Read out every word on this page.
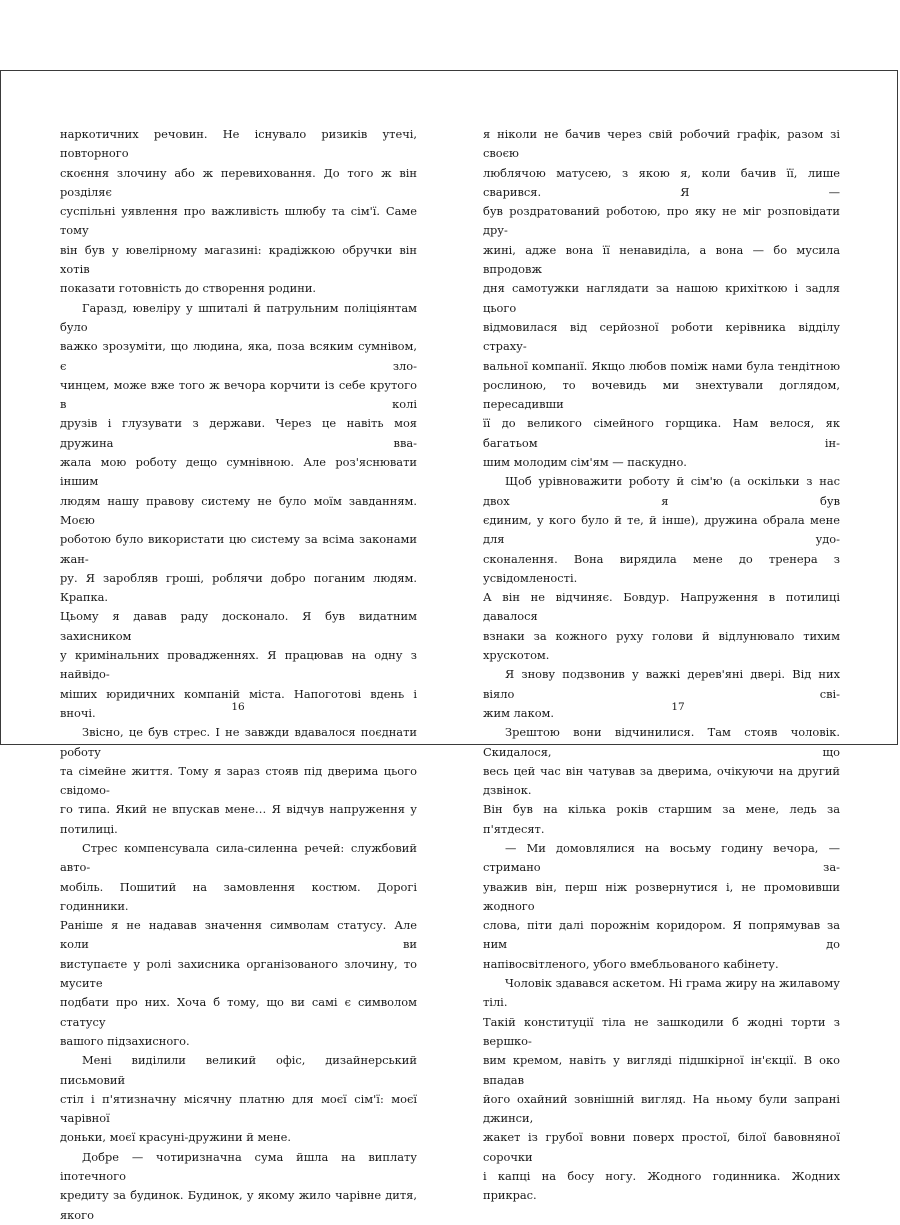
наркотичних речовин. Не існувало ризиків утечі, повторного

скоєння злочину або ж перевиховання. До того ж він розділяє

суспільні уявлення про важливість шлюбу та сім'ї. Саме тому

він був у ювелірному магазині: крадіжкою обручки він хотів

показати готовність до створення родини.

Гаразд, ювеліру у шпиталі й патрульним поліціянтам було

важко зрозуміти, що людина, яка, поза всяким сумнівом, є зло-

чинцем, може вже того ж вечора корчити із себе крутого в колі

друзів і глузувати з держави. Через це навіть моя дружина вва-

жала мою роботу дещо сумнівною. Але роз'яснювати іншим

людям нашу правову систему не було моїм завданням. Моєю

роботою було використати цю систему за всіма законами жан-

ру. Я заробляв гроші, роблячи добро поганим людям. Крапка.

Цьому я давав раду досконало. Я був видатним захисником

у кримінальних провадженнях. Я працював на одну з найвідо-

міших юридичних компаній міста. Напоготові вдень і вночі.

Звісно, це був стрес. І не завжди вдавалося поєднати роботу

та сімейне життя. Тому я зараз стояв під дверима цього свідомо-

го типа. Який не впускав мене… Я відчув напруження у потилиці.

Стрес компенсувала сила-силенна речей: службовий авто-

мобіль. Пошитий на замовлення костюм. Дорогі годинники.

Раніше я не надавав значення символам статусу. Але коли ви

виступаєте у ролі захисника організованого злочину, то мусите

подбати про них. Хоча б тому, що ви самі є символом статусу

вашого підзахисного.

Мені виділили великий офіс, дизайнерський письмовий

стіл і п'ятизначну місячну платню для моєї сім'ї: моєї чарівної

доньки, моєї красуні-дружини й мене.

Добре — чотиризначна сума йшла на виплату іпотечного

кредиту за будинок. Будинок, у якому жило чарівне дитя, якого

я ніколи не бачив через свій робочий графік, разом зі своєю

люблячою матусею, з якою я, коли бачив її, лише сварився. Я —

був роздратований роботою, про яку не міг розповідати дру-

жині, адже вона її ненавиділа, а вона — бо мусила впродовж

дня самотужки наглядати за нашою крихіткою і задля цього

відмовилася від серйозної роботи керівника відділу страху-

вальної компанії. Якщо любов поміж нами була тендітною

рослиною, то вочевидь ми знехтували доглядом, пересадивши

її до великого сімейного горщика. Нам велося, як багатьом ін-

шим молодим сім'ям — паскудно.

Щоб урівноважити роботу й сім'ю (а оскільки з нас двох я був

єдиним, у кого було й те, й інше), дружина обрала мене для удо-

сконалення. Вона вирядила мене до тренера з усвідомленості.

А він не відчиняє. Бовдур. Напруження в потилиці давалося

взнаки за кожного руху голови й відлунювало тихим хрускотом.

Я знову подзвонив у важкі дерев'яні двері. Від них віяло сві-

жим лаком.

Зрештою вони відчинилися. Там стояв чоловік. Скидалося, що

весь цей час він чатував за дверима, очікуючи на другий дзвінок.

Він був на кілька років старшим за мене, ледь за п'ятдесят.

— Ми домовлялися на восьму годину вечора, — стримано за-

уважив він, перш ніж розвернутися і, не промовивши жодного

слова, піти далі порожнім коридором. Я попрямував за ним до

напівосвітленого, убого вмебльованого кабінету.

Чоловік здавався аскетом. Ні грама жиру на жилавому тілі.

Такій конституції тіла не зашкодили б жодні торти з вершко-

вим кремом, навіть у вигляді підшкірної ін'єкції. В око впадав

його охайний зовнішній вигляд. На ньому були запрані джинси,

жакет із грубої вовни поверх простої, білої бавовняної сорочки

і капці на босу ногу. Жодного годинника. Жодних прикрас.

16	17
